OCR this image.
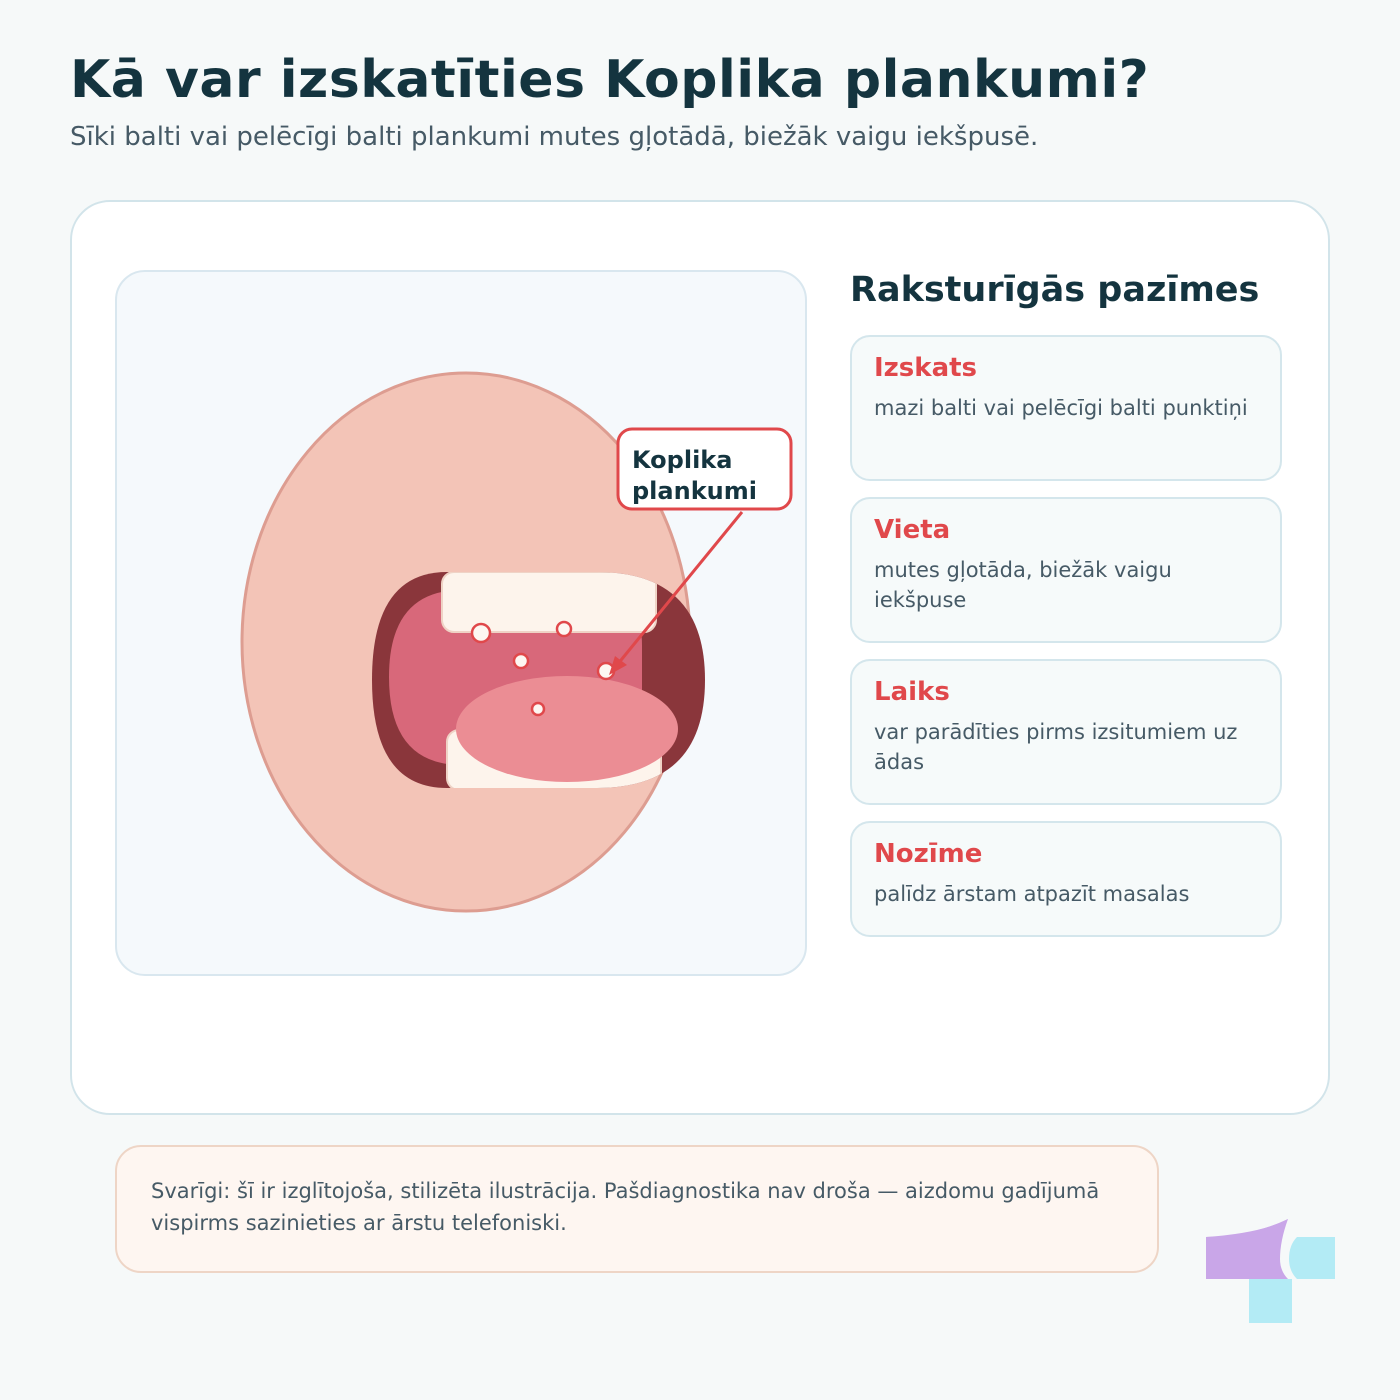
Kā var izskatīties Koplika plankumi?

Sīki balti vai pelēcīgi balti plankumi mutes gļotādā, biežāk vaigu iekšpusē.

Koplika
plankumi
Raksturīgās pazīmes

Izskats

mazi balti vai pelēcīgi balti punktiņi

Vieta

mutes gļotāda, biežāk vaigu iekšpuse

Laiks

var parādīties pirms izsitumiem uz ādas

Nozīme

palīdz ārstam atpazīt masalas

Svarīgi: šī ir izglītojoša, stilizēta ilustrācija. Pašdiagnostika nav droša — aizdomu gadījumā vispirms sazinieties ar ārstu telefoniski.
